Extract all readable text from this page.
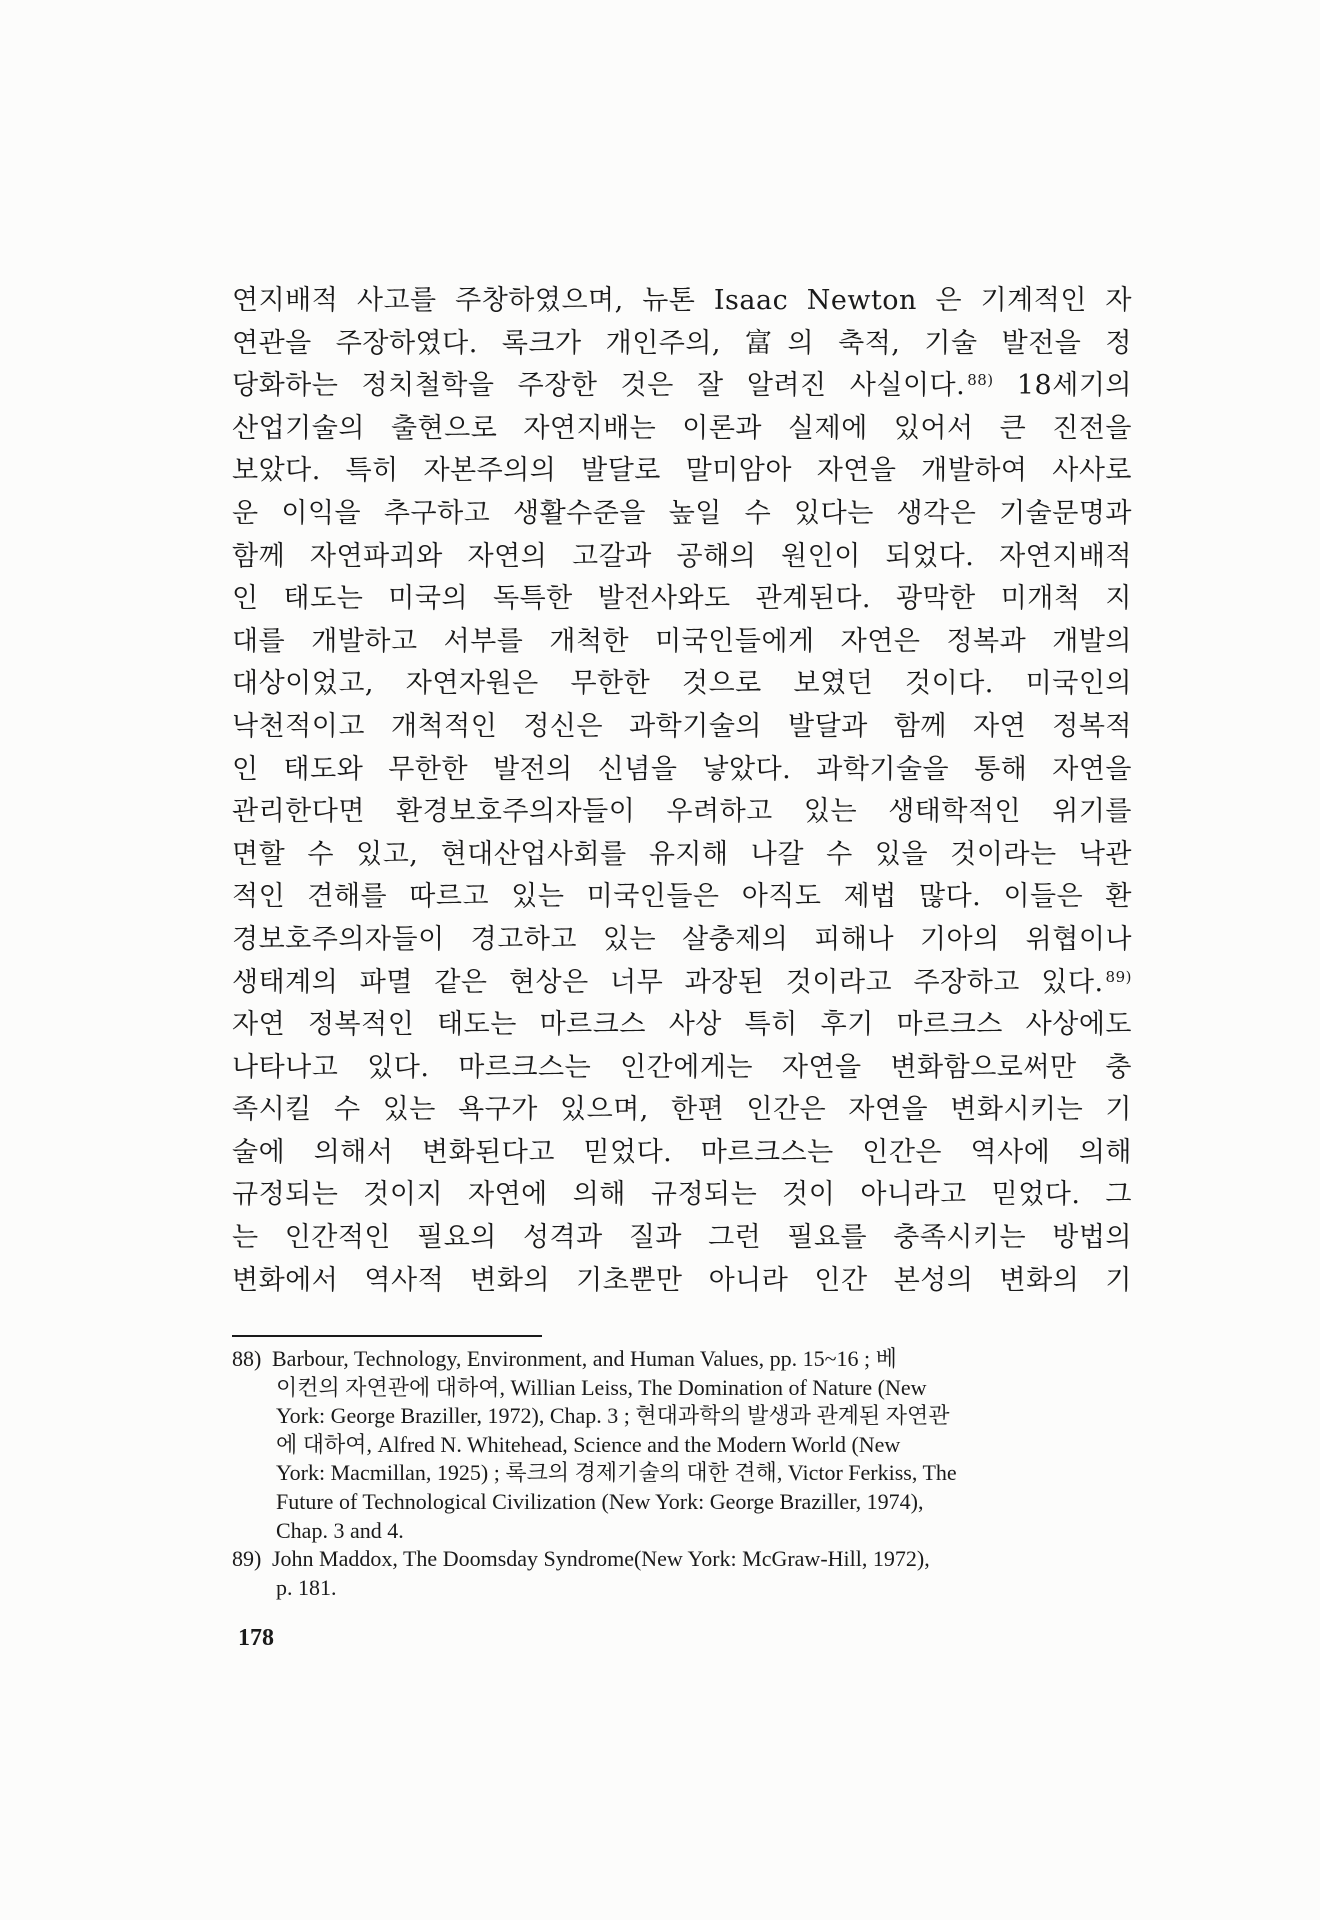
연지배적 사고를 주창하였으며, 뉴톤 Isaac Newton 은 기계적인 자
연관을 주장하였다. 록크가 개인주의, 富의 축적, 기술 발전을 정
당화하는 정치철학을 주장한 것은 잘 알려진 사실이다. $^{88)}$ 18세기의
산업기술의 출현으로 자연지배는 이론과 실제에 있어서 큰 진전을
보았다. 특히 자본주의의 발달로 말미암아 자연을 개발하여 사사로
운 이익을 추구하고 생활수준을 높일 수 있다는 생각은 기술문명과
함께 자연파괴와 자연의 고갈과 공해의 원인이 되었다. 자연지배적
인 태도는 미국의 독특한 발전사와도 관계된다. 광막한 미개척 지
대를 개발하고 서부를 개척한 미국인들에게 자연은 정복과 개발의
대상이었고, 자연자원은 무한한 것으로 보였던 것이다. 미국인의
낙천적이고 개척적인 정신은 과학기술의 발달과 함께 자연 정복적
인 태도와 무한한 발전의 신념을 낳았다. 과학기술을 통해 자연을
관리한다면 환경보호주의자들이 우려하고 있는 생태학적인 위기를
면할 수 있고, 현대산업사회를 유지해 나갈 수 있을 것이라는 낙관
적인 견해를 따르고 있는 미국인들은 아직도 제법 많다. 이들은 환
경보호주의자들이 경고하고 있는 살충제의 피해나 기아의 위협이나
생태계의 파멸 같은 현상은 너무 과장된 것이라고 주장하고 있다. $^{89)}$
자연 정복적인 태도는 마르크스 사상 특히 후기 마르크스 사상에도
나타나고 있다. 마르크스는 인간에게는 자연을 변화함으로써만 충
족시킬 수 있는 욕구가 있으며, 한편 인간은 자연을 변화시키는 기
술에 의해서 변화된다고 믿었다. 마르크스는 인간은 역사에 의해
규정되는 것이지 자연에 의해 규정되는 것이 아니라고 믿었다. 그
는 인간적인 필요의 성격과 질과 그런 필요를 충족시키는 방법의
변화에서 역사적 변화의 기초뿐만 아니라 인간 본성의 변화의 기
88) Barbour, Technology, Environment, and Human Values, pp. 15~16 ; 베
이컨의 자연관에 대하여, Willian Leiss, The Domination of Nature (New
York: George Braziller, 1972), Chap. 3 ; 현대과학의 발생과 관계된 자연관
에 대하여, Alfred N. Whitehead, Science and the Modern World (New
York: Macmillan, 1925) ; 록크의 경제기술의 대한 견해, Victor Ferkiss, The
Future of Technological Civilization (New York: George Braziller, 1974),
Chap. 3 and 4.
89) John Maddox, The Doomsday Syndrome(New York: McGraw-Hill, 1972),
p. 181.
178
